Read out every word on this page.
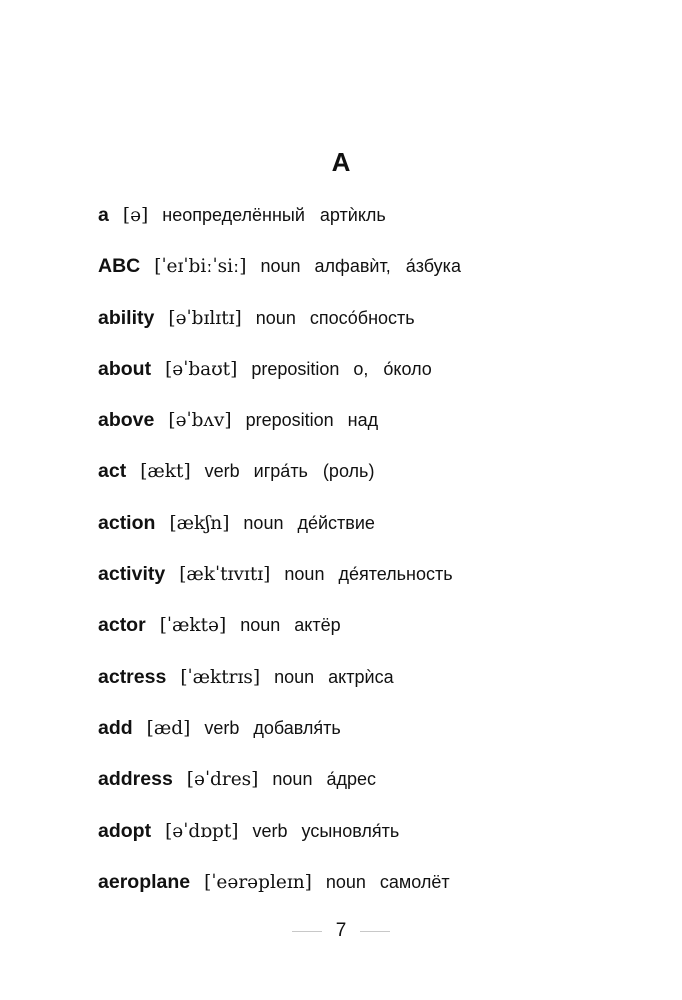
A
a [ə] неопределённый артѝкль
ABC [ˈeɪˈbiːˈsiː] noun алфавѝт, а́збука
ability [əˈbɪlɪtɪ] noun спосо́бность
about [əˈbaʊt] preposition о, о́коло
above [əˈbʌv] preposition над
act [ækt] verb игра́ть (роль)
action [ækʃn] noun де́йствие
activity [ækˈtɪvɪtɪ] noun де́ятельность
actor [ˈæktə] noun актёр
actress [ˈæktrɪs] noun актрѝса
add [æd] verb добавля́ть
address [əˈdres] noun а́дрес
adopt [əˈdɒpt] verb усыновля́ть
aeroplane [ˈeərəpleɪn] noun самолёт
7
